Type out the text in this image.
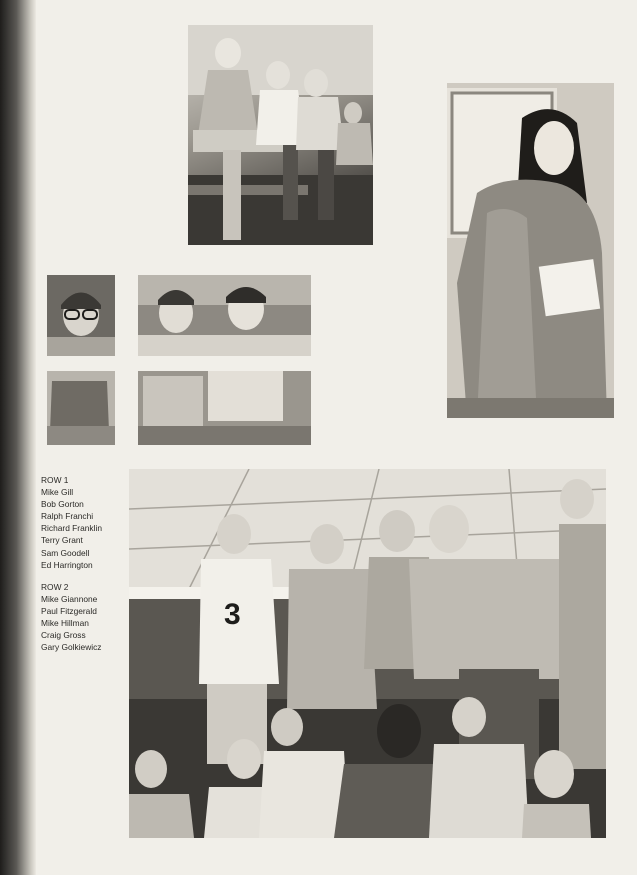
3
ROW 1
Mike Gill
Bob Gorton
Ralph Franchi
Richard Franklin
Terry Grant
Sam Goodell
Ed Harrington
ROW 2
Mike Giannone
Paul Fitzgerald
Mike Hillman
Craig Gross
Gary Golkiewicz
